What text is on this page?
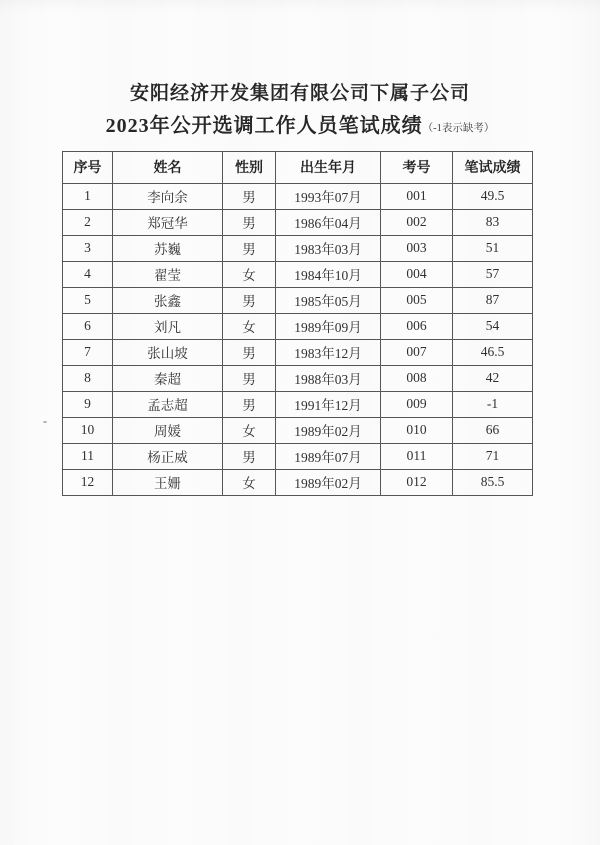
安阳经济开发集团有限公司下属子公司
2023年公开选调工作人员笔试成绩（-1表示缺考）
序号	姓名	性别	出生年月	考号	笔试成绩
1	李向余	男	1993年07月	001	49.5
2	郑冠华	男	1986年04月	002	83
3	苏巍	男	1983年03月	003	51
4	翟莹	女	1984年10月	004	57
5	张鑫	男	1985年05月	005	87
6	刘凡	女	1989年09月	006	54
7	张山坡	男	1983年12月	007	46.5
8	秦超	男	1988年03月	008	42
9	孟志超	男	1991年12月	009	-1
10	周媛	女	1989年02月	010	66
11	杨正威	男	1989年07月	011	71
12	王姗	女	1989年02月	012	85.5
